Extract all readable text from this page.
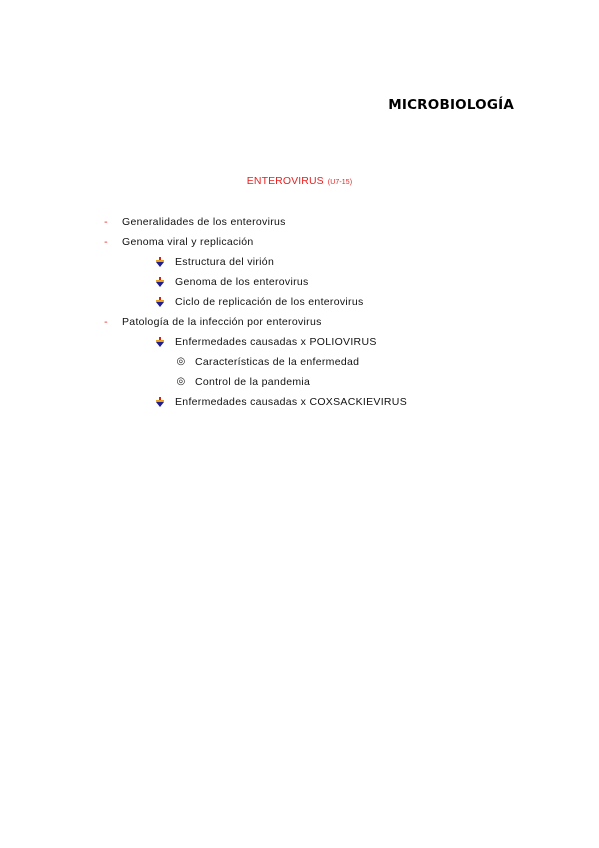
MICROBIOLOGÍA
ENTEROVIRUS (U7-15)
-	Generalidades de los enterovirus
-	Genoma viral y replicación
Estructura del virión
Genoma de los enterovirus
Ciclo de replicación de los enterovirus
-	Patología de la infección por enterovirus
Enfermedades causadas x POLIOVIRUS
◎ Características de la enfermedad
◎ Control de la pandemia
Enfermedades causadas x COXSACKIEVIRUS
